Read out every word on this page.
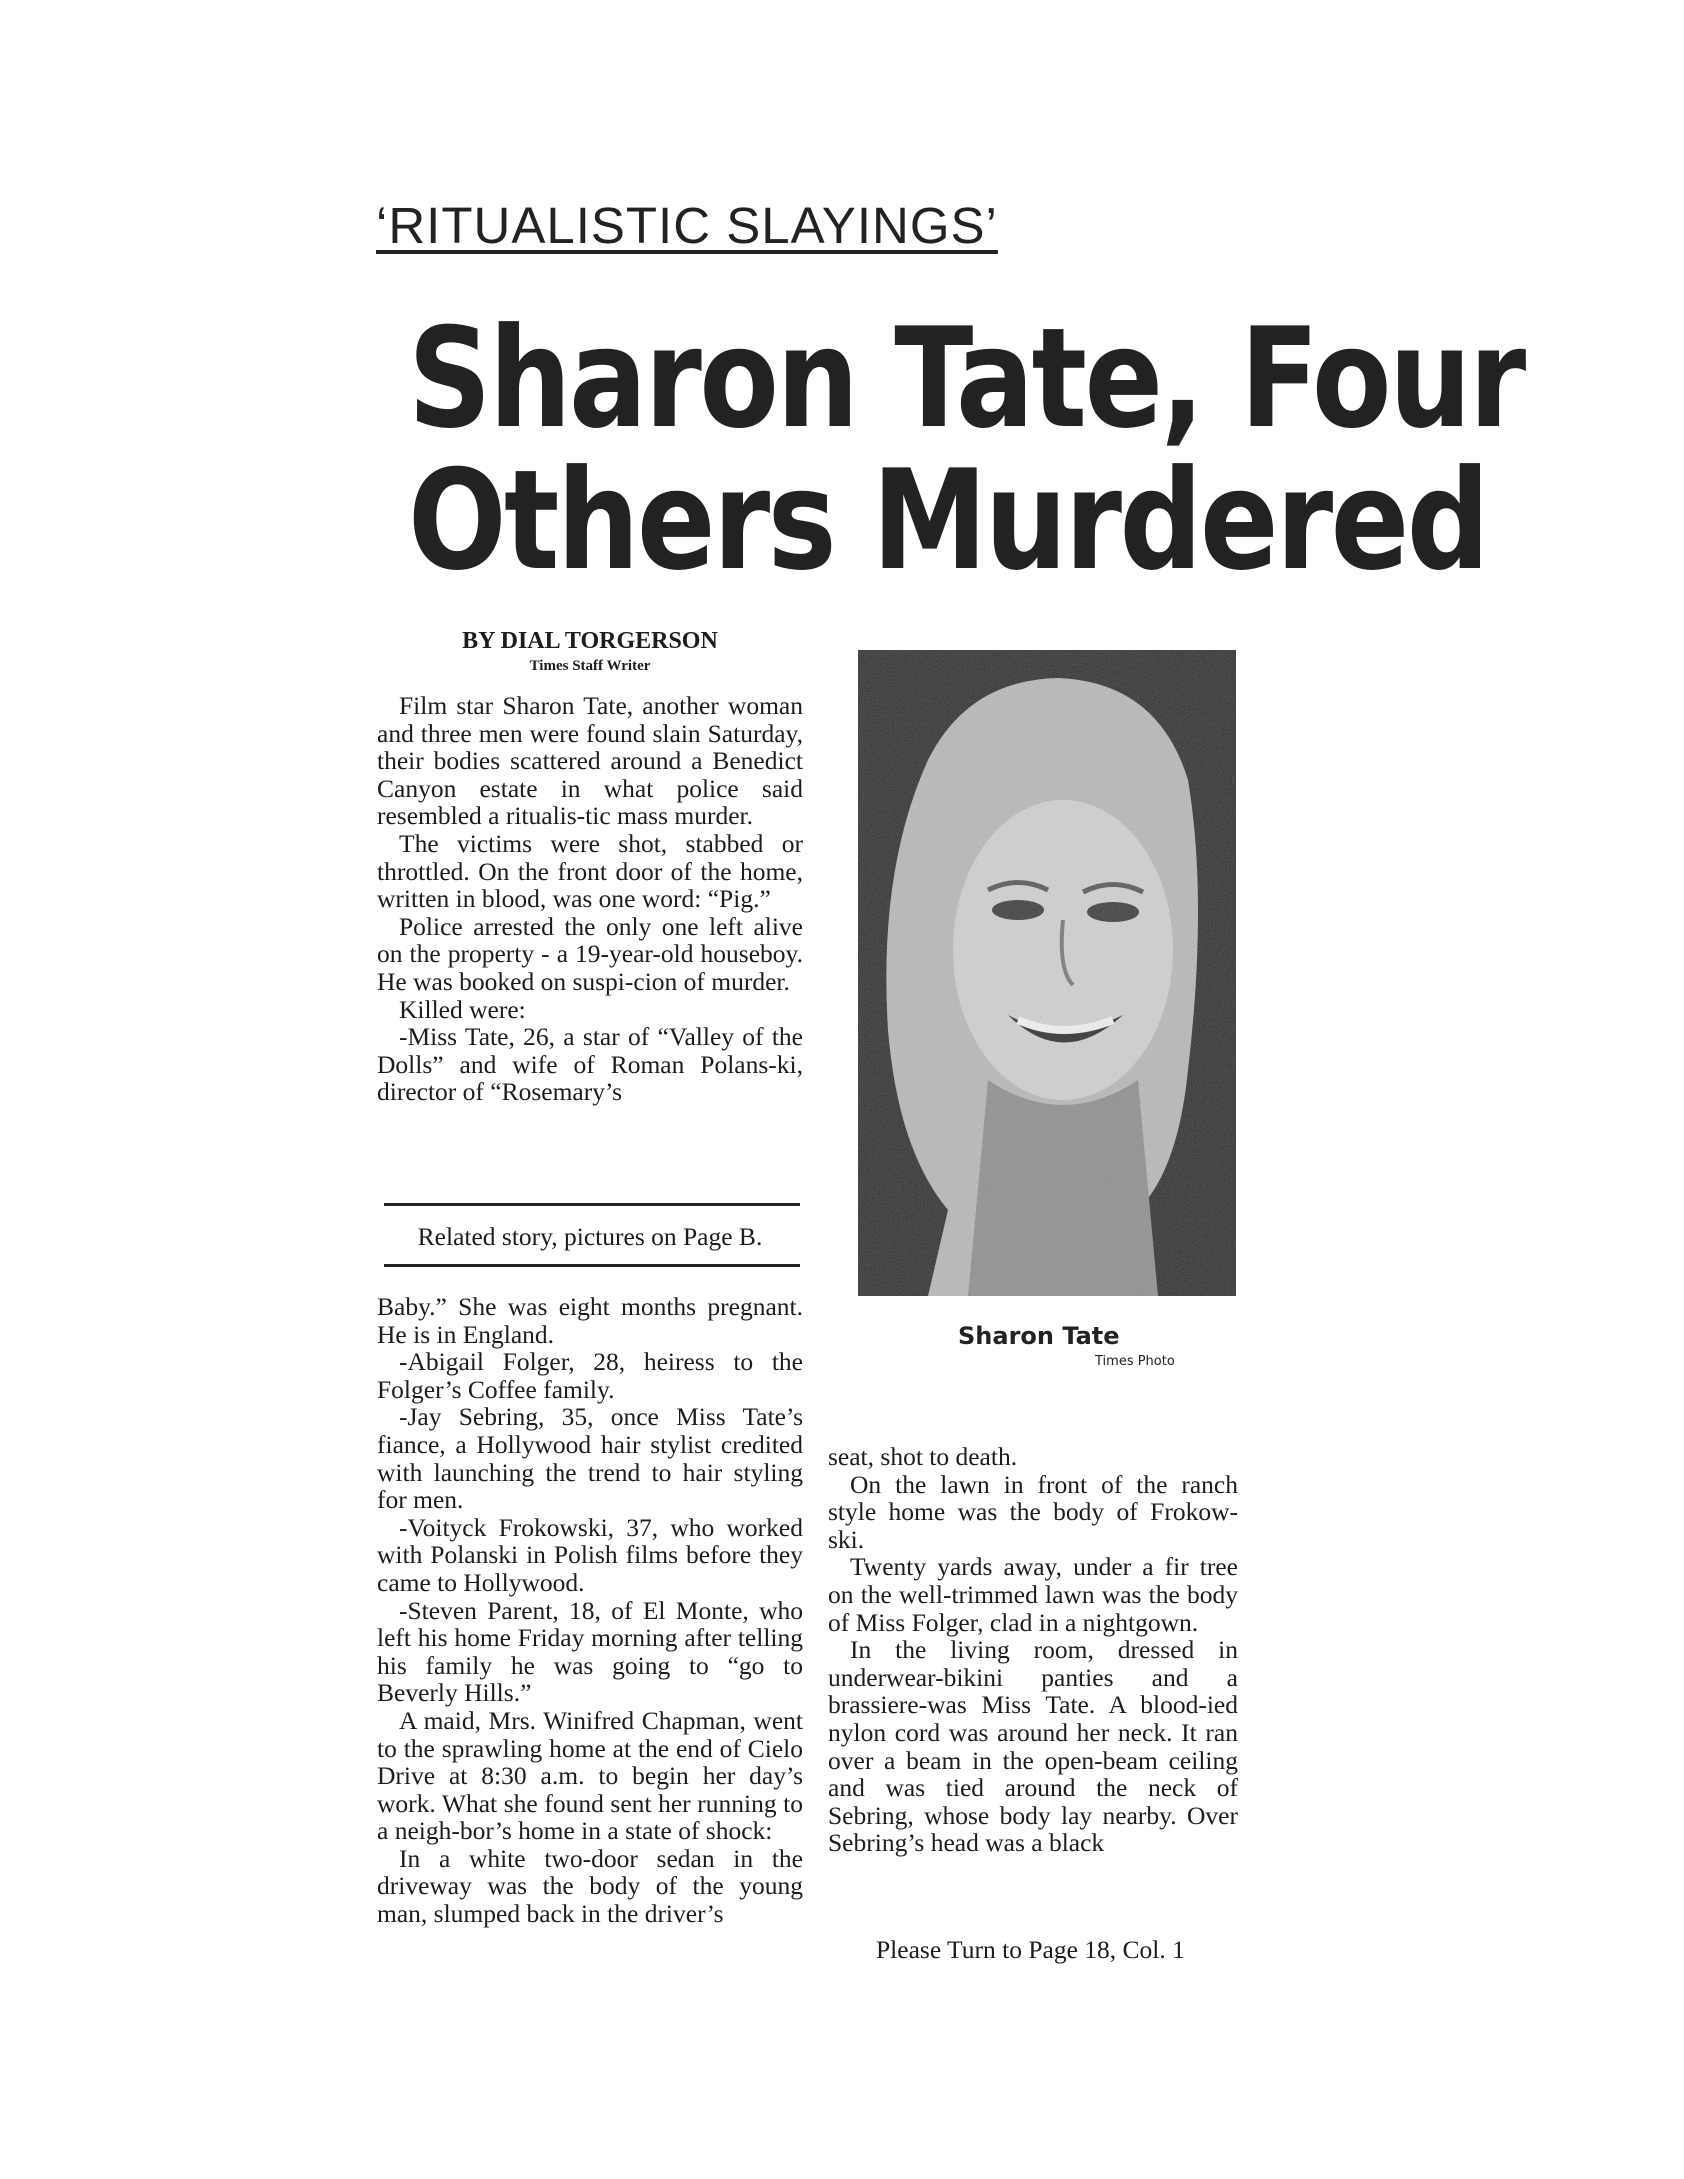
‘RITUALISTIC SLAYINGS’
Sharon Tate, Four
Others Murdered
BY DIAL TORGERSON
Times Staff Writer

Film star Sharon Tate, another woman and three men were found slain Saturday, their bodies scattered around a Benedict Canyon estate in what police said resembled a ritualis-tic mass murder.

The victims were shot, stabbed or throttled. On the front door of the home, written in blood, was one word: “Pig.”

Police arrested the only one left alive on the property - a 19-year-old houseboy. He was booked on suspi-cion of murder.

Killed were:

-Miss Tate, 26, a star of “Valley of the Dolls” and wife of Roman Polans-ki, director of “Rosemary’s

Related story, pictures on Page B.

Baby.” She was eight months pregnant. He is in England.

-Abigail Folger, 28, heiress to the Folger’s Coffee family.

-Jay Sebring, 35, once Miss Tate’s fiance, a Hollywood hair stylist credited with launching the trend to hair styling for men.

-Voityck Frokowski, 37, who worked with Polanski in Polish films before they came to Hollywood.

-Steven Parent, 18, of El Monte, who left his home Friday morning after telling his family he was going to “go to Beverly Hills.”

A maid, Mrs. Winifred Chapman, went to the sprawling home at the end of Cielo Drive at 8:30 a.m. to begin her day’s work. What she found sent her running to a neigh-bor’s home in a state of shock:

In a white two-door sedan in the driveway was the body of the young man, slumped back in the driver’s

Sharon Tate
Times Photo

seat, shot to death.

On the lawn in front of the ranch style home was the body of Frokow-ski.

Twenty yards away, under a fir tree on the well-trimmed lawn was the body of Miss Folger, clad in a nightgown.

In the living room, dressed in underwear-bikini panties and a brassiere-was Miss Tate. A blood-ied nylon cord was around her neck. It ran over a beam in the open-beam ceiling and was tied around the neck of Sebring, whose body lay nearby. Over Sebring’s head was a black

Please Turn to Page 18, Col. 1
